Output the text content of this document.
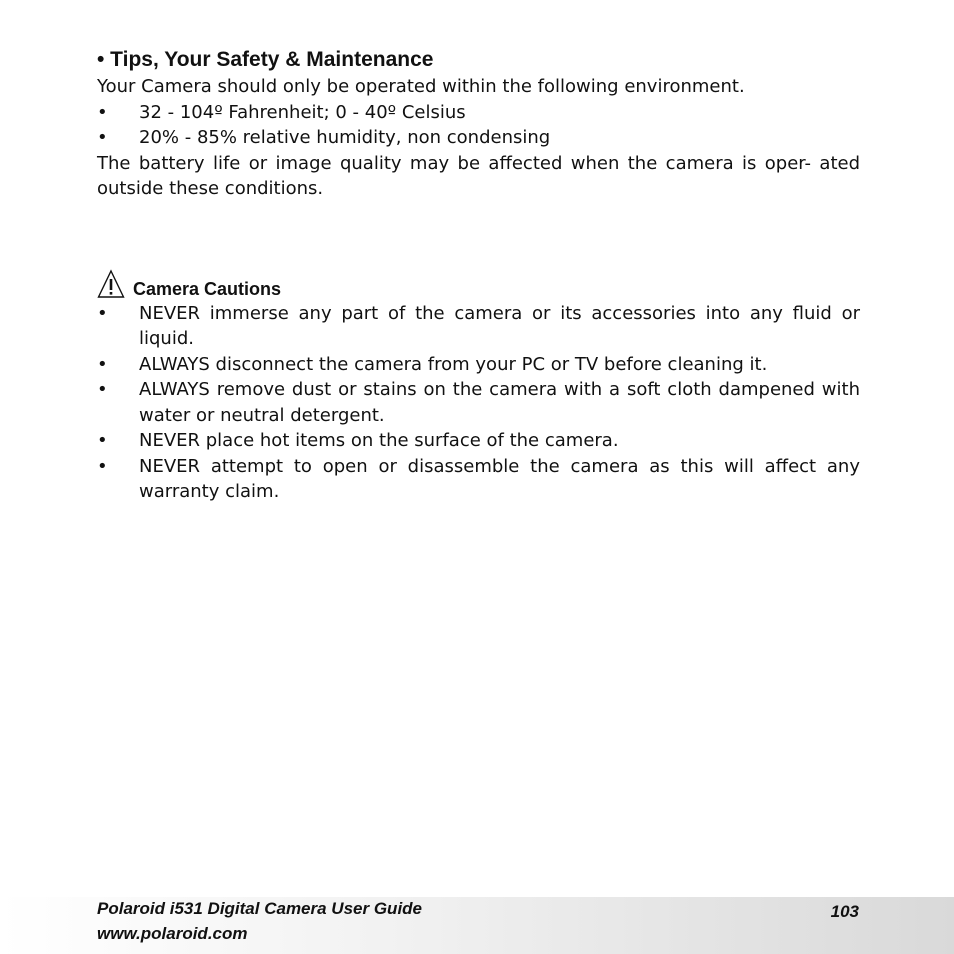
• Tips, Your Safety & Maintenance

Your Camera should only be operated within the following environment.

•	32 - 104º Fahrenheit; 0 - 40º Celsius
•	20% - 85% relative humidity, non condensing

The battery life or image quality may be affected when the camera is oper- ated outside these conditions.

Camera Cautions
•	NEVER immerse any part of the camera or its accessories into any fluid or liquid.
•	ALWAYS disconnect the camera from your PC or TV before cleaning it.
•	ALWAYS remove dust or stains on the camera with a soft cloth dampened with water or neutral detergent.
•	NEVER place hot items on the surface of the camera.
•	NEVER attempt to open or disassemble the camera as this will affect any warranty claim.
Polaroid i531 Digital Camera User Guide
www.polaroid.com
103
